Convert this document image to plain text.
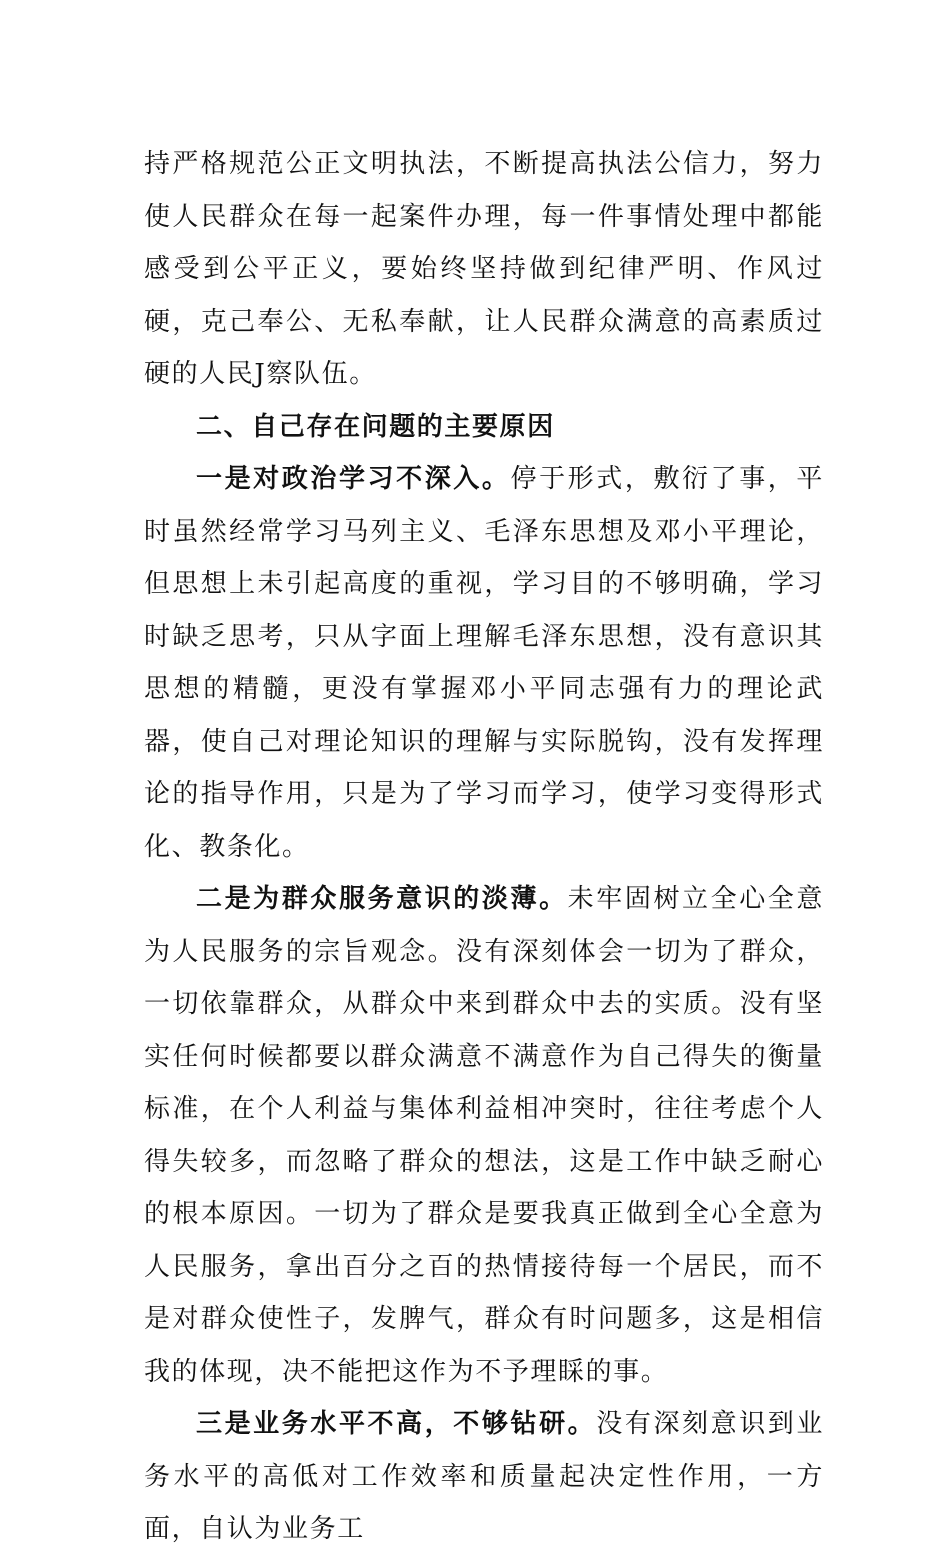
持严格规范公正文明执法，不断提高执法公信力，努力使人民群众在每一起案件办理，每一件事情处理中都能感受到公平正义，要始终坚持做到纪律严明、作风过硬，克己奉公、无私奉献，让人民群众满意的高素质过硬的人民J察队伍。

二、自己存在问题的主要原因

一是对政治学习不深入。停于形式，敷衍了事，平时虽然经常学习马列主义、毛泽东思想及邓小平理论，但思想上未引起高度的重视，学习目的不够明确，学习时缺乏思考，只从字面上理解毛泽东思想，没有意识其思想的精髓，更没有掌握邓小平同志强有力的理论武器，使自己对理论知识的理解与实际脱钩，没有发挥理论的指导作用，只是为了学习而学习，使学习变得形式化、教条化。

二是为群众服务意识的淡薄。未牢固树立全心全意为人民服务的宗旨观念。没有深刻体会一切为了群众，一切依靠群众，从群众中来到群众中去的实质。没有坚实任何时候都要以群众满意不满意作为自己得失的衡量标准，在个人利益与集体利益相冲突时，往往考虑个人得失较多，而忽略了群众的想法，这是工作中缺乏耐心的根本原因。一切为了群众是要我真正做到全心全意为人民服务，拿出百分之百的热情接待每一个居民，而不是对群众使性子，发脾气，群众有时问题多，这是相信我的体现，决不能把这作为不予理睬的事。

三是业务水平不高，不够钻研。没有深刻意识到业务水平的高低对工作效率和质量起决定性作用，一方面，自认为业务工
